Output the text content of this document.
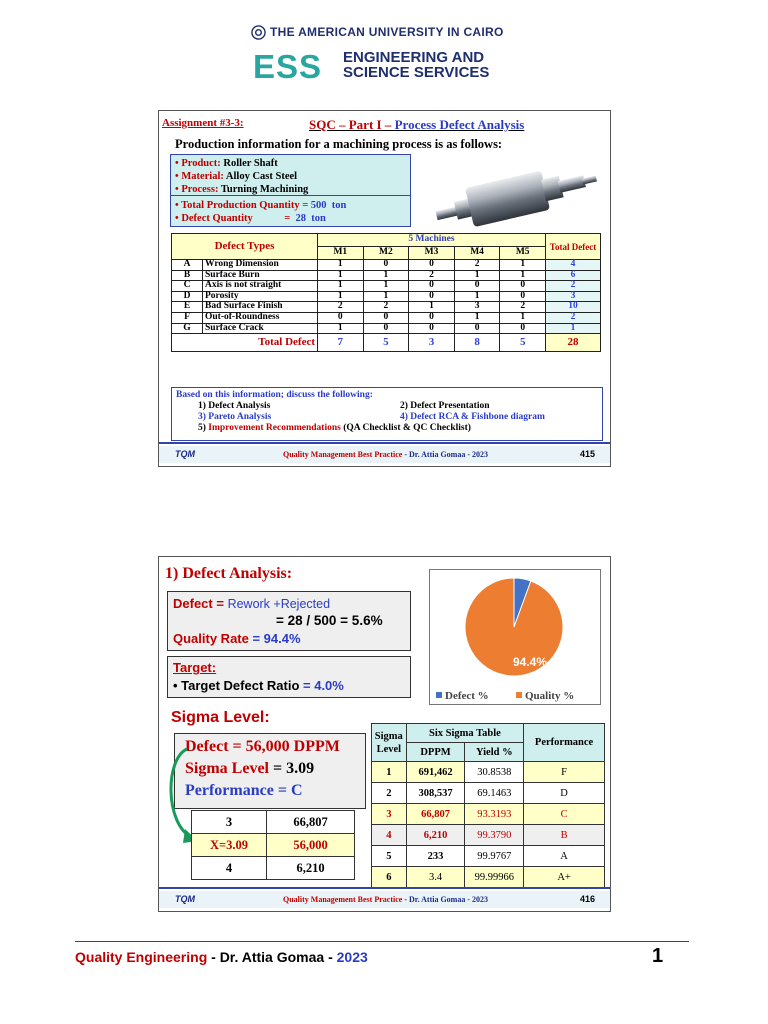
THE AMERICAN UNIVERSITY IN CAIRO
ESS ENGINEERING AND
SCIENCE SERVICES
Assignment #3-3:	SQC – Part I – Process Defect Analysis
Production information for a machining process is as follows:
• Product: Roller Shaft
• Material: Alloy Cast Steel
• Process: Turning Machining
• Total Production Quantity = 500  ton
• Defect Quantity            =  28  ton
Defect Types		5 Machines					Total Defect
		M1	M2	M3	M4	M5	
A	Wrong Dimension	1	0	0	2	1	4
B	Surface Burn	1	1	2	1	1	6
C	Axis is not straight	1	1	0	0	0	2
D	Porosity	1	1	0	1	0	3
E	Bad Surface Finish	2	2	1	3	2	10
F	Out-of-Roundness	0	0	0	1	1	2
G	Surface Crack	1	0	0	0	0	1
Total Defect		7	5	3	8	5	28
Based on this information; discuss the following:
1) Defect Analysis	2) Defect Presentation
3) Pareto Analysis	4) Defect RCA & Fishbone diagram
5) Improvement Recommendations (QA Checklist & QC Checklist)
TQM	Quality Management Best Practice - Dr. Attia Gomaa - 2023	415
1) Defect Analysis:
Defect = Rework +Rejected
= 28 / 500 = 5.6%
Quality Rate = 94.4%
Target:
• Target Defect Ratio = 4.0%
94.4%
Defect %	Quality %
Sigma Level:
Defect = 56,000 DPPM
Sigma Level = 3.09
Performance = C
3	66,807
X=3.09	56,000
4	6,210
Sigma Level	Six Sigma Table		Performance
	DPPM	Yield %	
1	691,462	30.8538	F
2	308,537	69.1463	D
3	66,807	93.3193	C
4	6,210	99.3790	B
5	233	99.9767	A
6	3.4	99.99966	A+
TQM	Quality Management Best Practice - Dr. Attia Gomaa - 2023	416
Quality Engineering - Dr. Attia Gomaa - 2023	1
